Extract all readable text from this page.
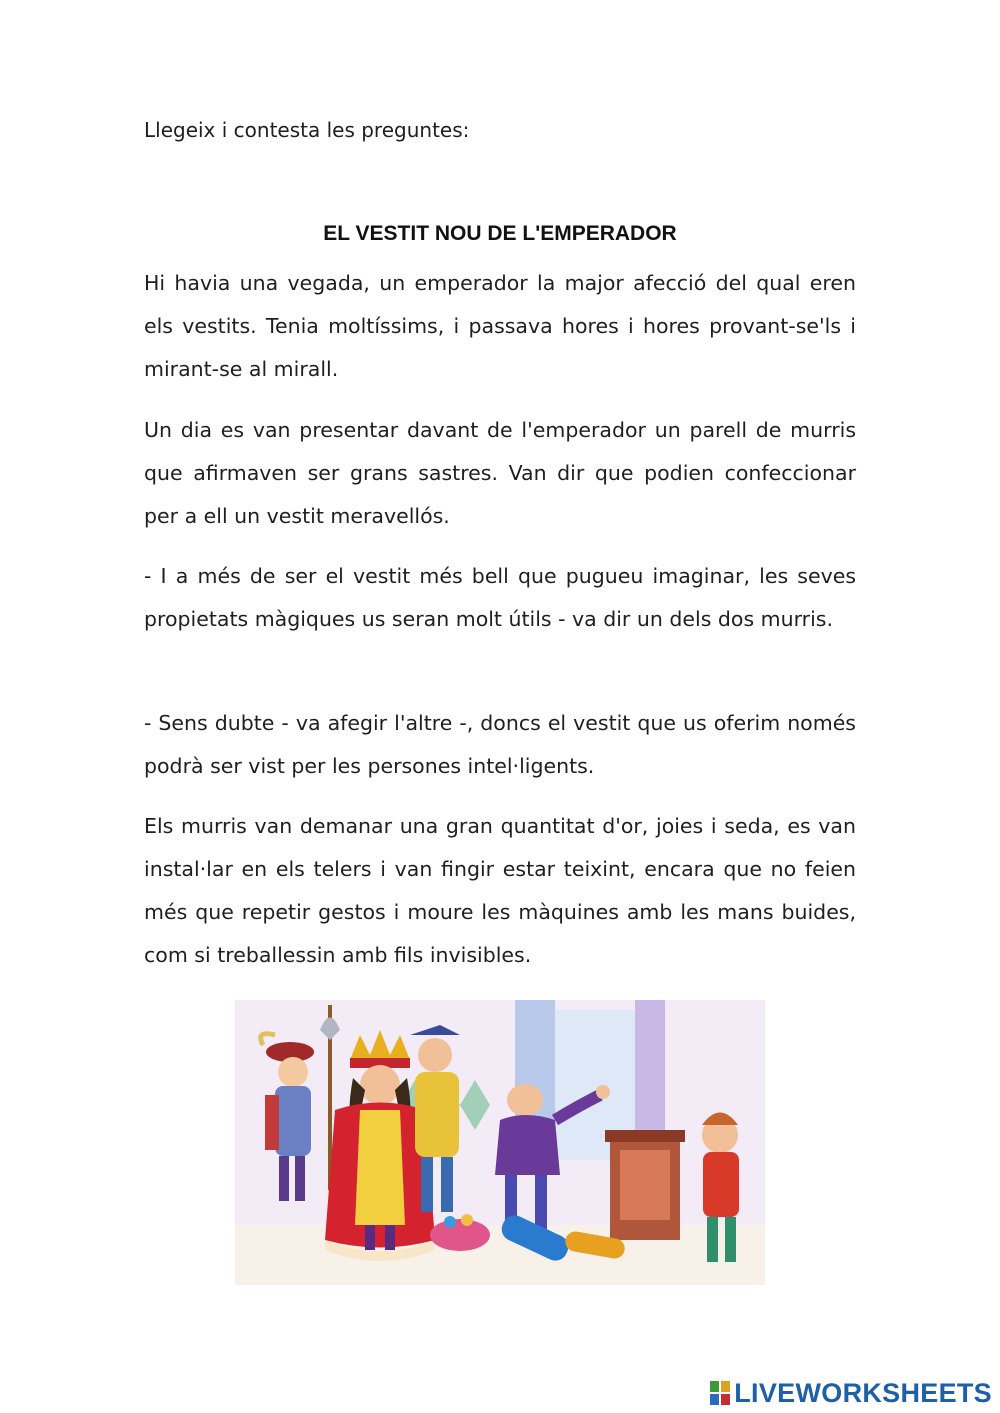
Llegeix i contesta les preguntes:
EL VESTIT NOU DE L'EMPERADOR

Hi havia una vegada, un emperador la major afecció del qual eren els vestits. Tenia moltíssims, i passava hores i hores provant-se'ls i mirant-se al mirall.

Un dia es van presentar davant de l'emperador un parell de murris que afirmaven ser grans sastres. Van dir que podien confeccionar per a ell un vestit meravellós.

- I a més de ser el vestit més bell que pugueu imaginar, les seves propietats màgiques us seran molt útils - va dir un dels dos murris.

- Sens dubte - va afegir l'altre -, doncs el vestit que us oferim només podrà ser vist per les persones intel·ligents.

Els murris van demanar una gran quantitat d'or, joies i seda, es van instal·lar en els telers i van fingir estar teixint, encara que no feien més que repetir gestos i moure les màquines amb les mans buides, com si treballessin amb fils invisibles.

LIVEWORKSHEETS
